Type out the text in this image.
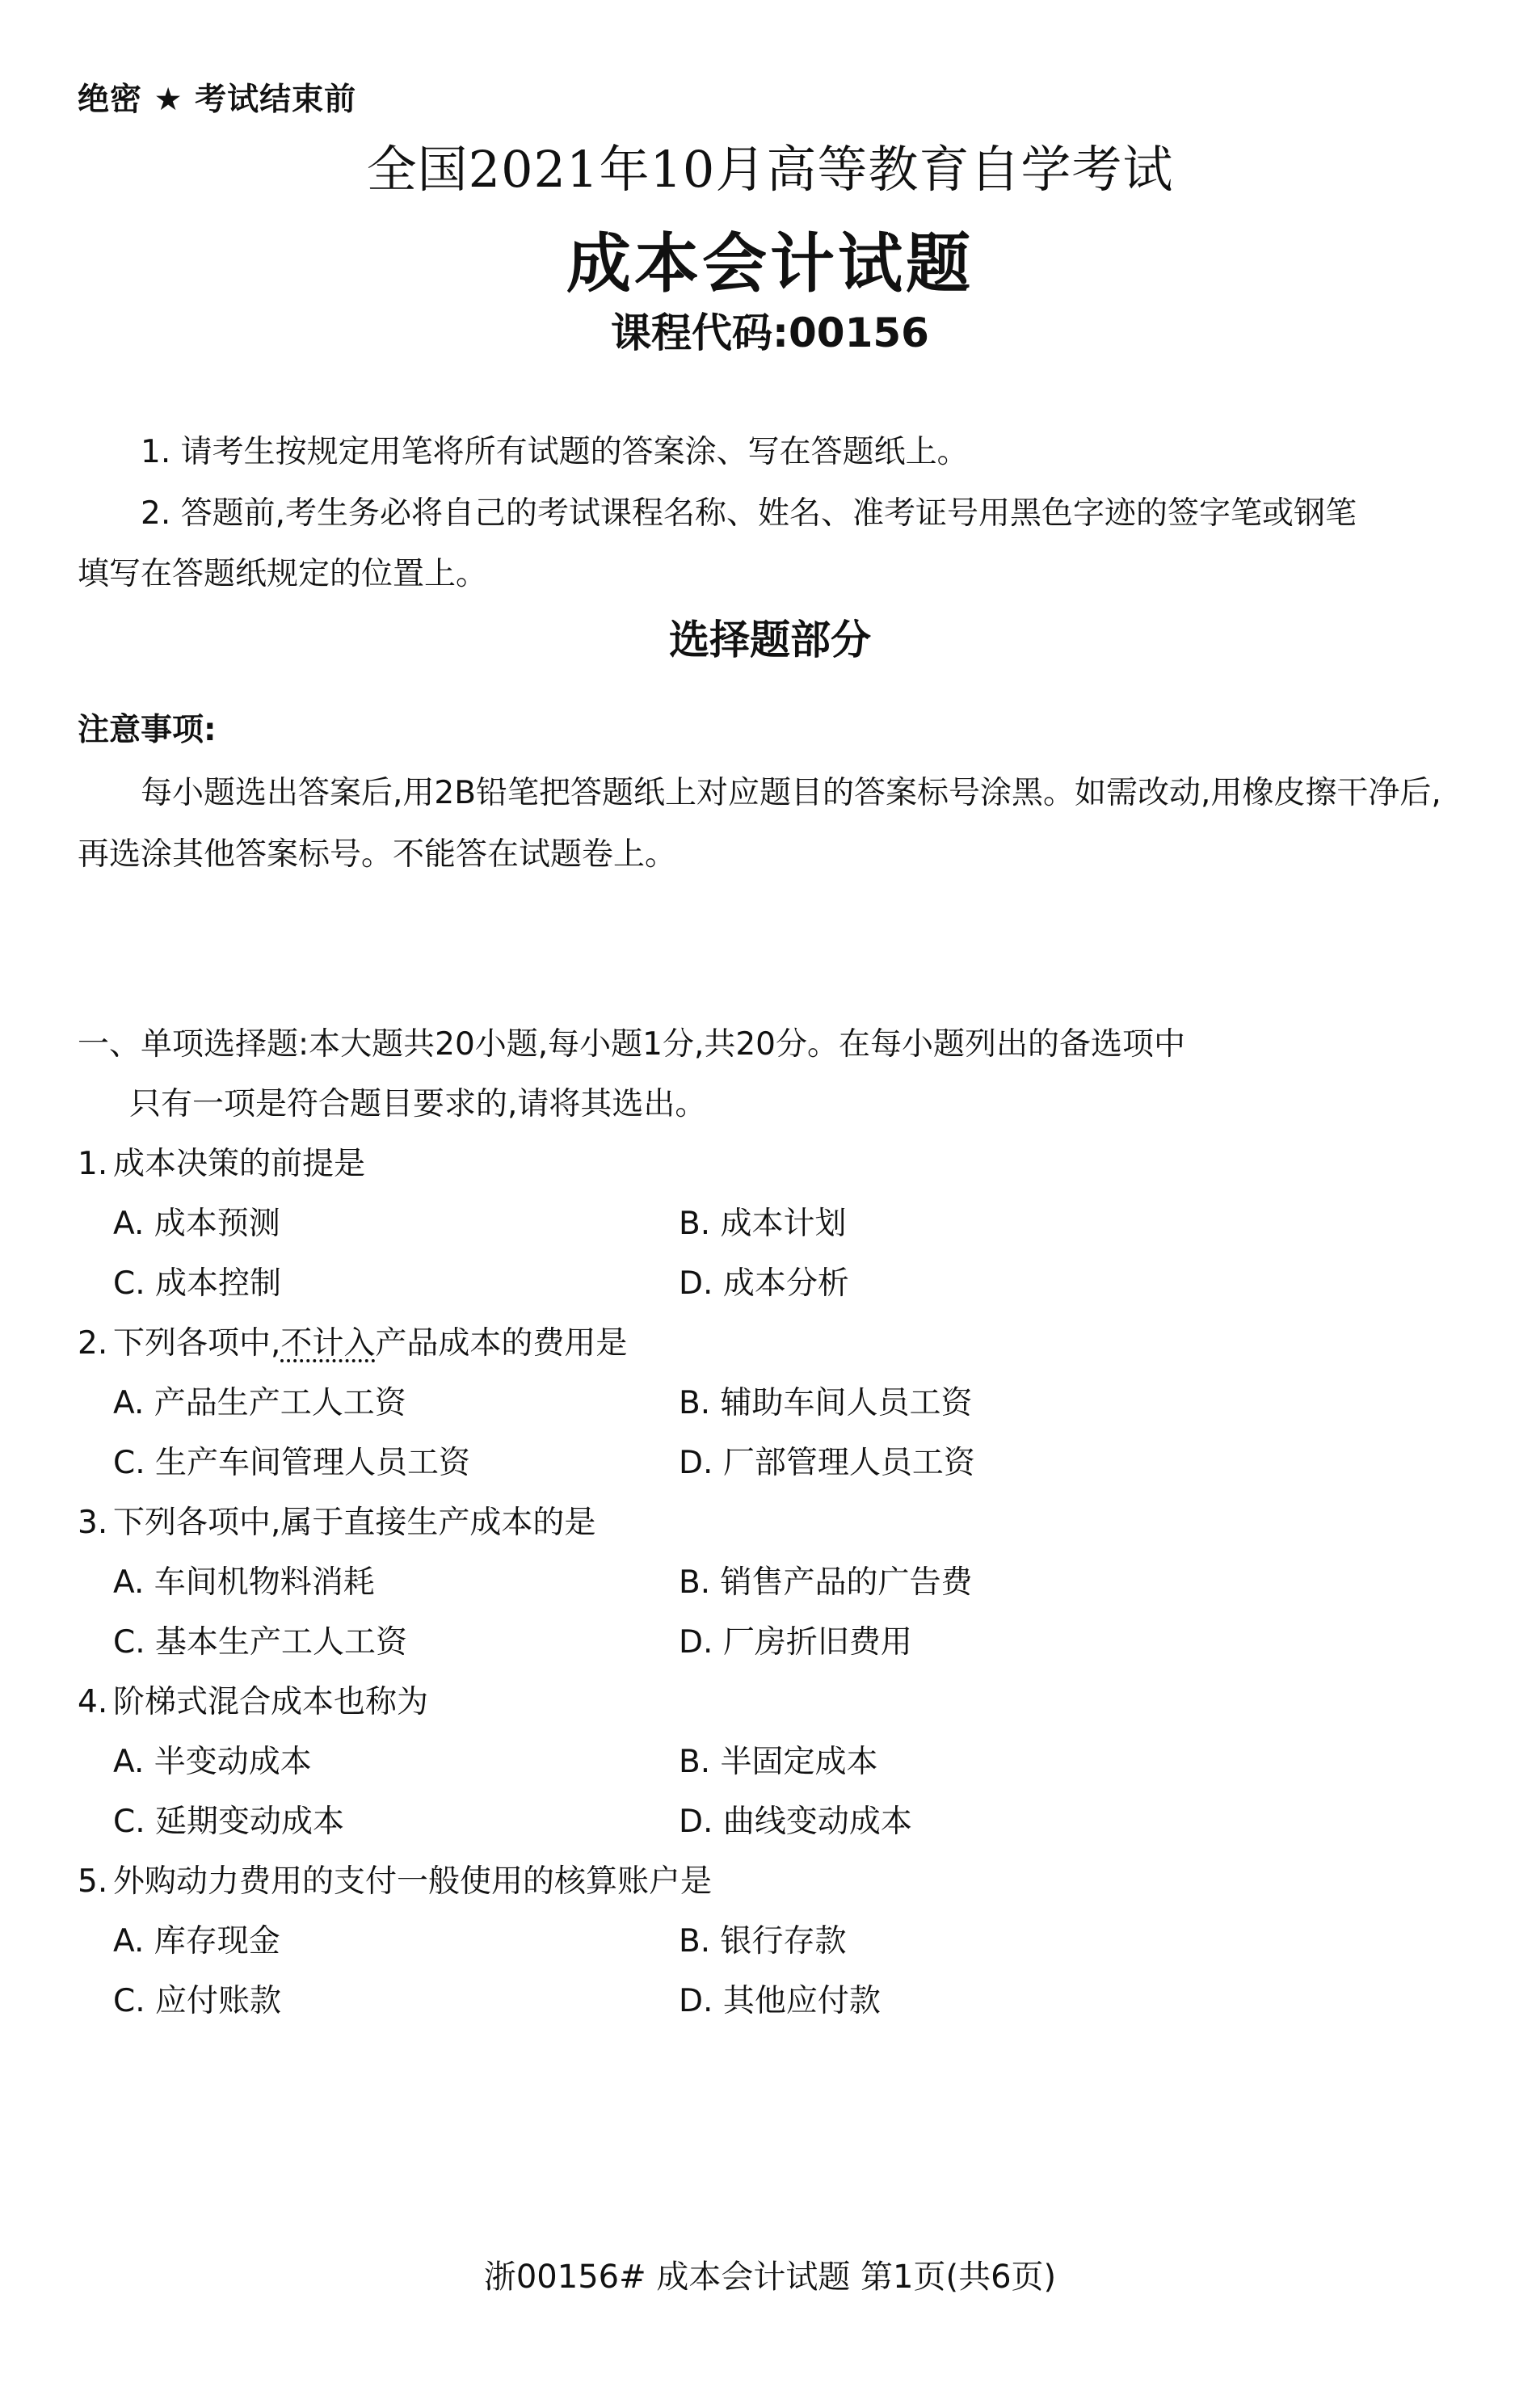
绝密 ★ 考试结束前
全国2021年10月高等教育自学考试
成本会计试题
课程代码:00156
1. 请考生按规定用笔将所有试题的答案涂、写在答题纸上。
2. 答题前,考生务必将自己的考试课程名称、姓名、准考证号用黑色字迹的签字笔或钢笔
填写在答题纸规定的位置上。
选择题部分
注意事项:
每小题选出答案后,用2B铅笔把答题纸上对应题目的答案标号涂黑。如需改动,用橡皮擦干净后,再选涂其他答案标号。不能答在试题卷上。
一、单项选择题:本大题共20小题,每小题1分,共20分。在每小题列出的备选项中
只有一项是符合题目要求的,请将其选出。
1. 成本决策的前提是
A. 成本预测	B. 成本计划
C. 成本控制	D. 成本分析
2. 下列各项中,不计入产品成本的费用是
A. 产品生产工人工资	B. 辅助车间人员工资
C. 生产车间管理人员工资	D. 厂部管理人员工资
3. 下列各项中,属于直接生产成本的是
A. 车间机物料消耗	B. 销售产品的广告费
C. 基本生产工人工资	D. 厂房折旧费用
4. 阶梯式混合成本也称为
A. 半变动成本	B. 半固定成本
C. 延期变动成本	D. 曲线变动成本
5. 外购动力费用的支付一般使用的核算账户是
A. 库存现金	B. 银行存款
C. 应付账款	D. 其他应付款
浙00156# 成本会计试题 第1页(共6页)
